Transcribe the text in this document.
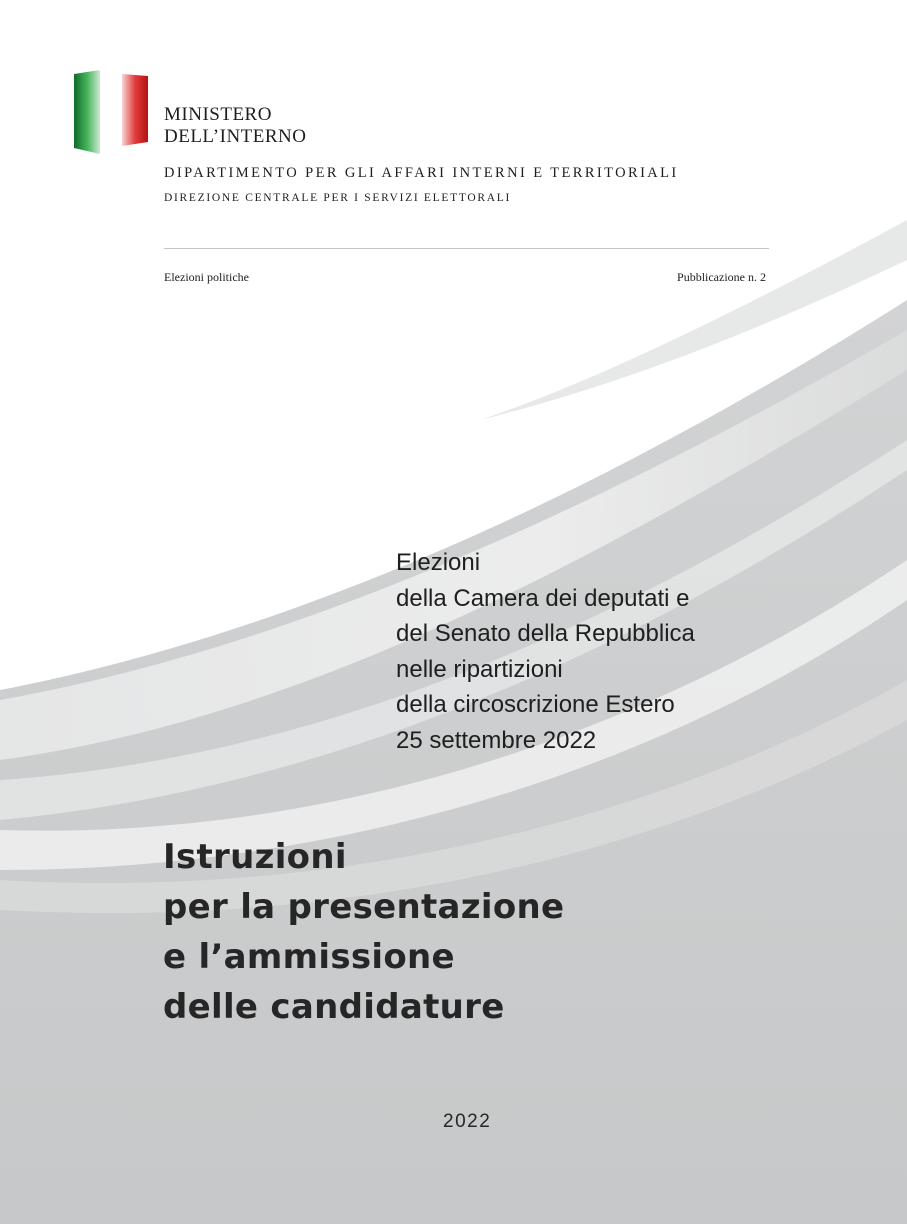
MINISTERO
DELL’INTERNO
DIPARTIMENTO PER GLI AFFARI INTERNI E TERRITORIALI
DIREZIONE CENTRALE PER I SERVIZI ELETTORALI
Elezioni politiche	Pubblicazione n. 2
Elezioni
della Camera dei deputati e
del Senato della Repubblica
nelle ripartizioni
della circoscrizione Estero
25 settembre 2022
Istruzioni
per la presentazione
e l’ammissione
delle candidature
2022
